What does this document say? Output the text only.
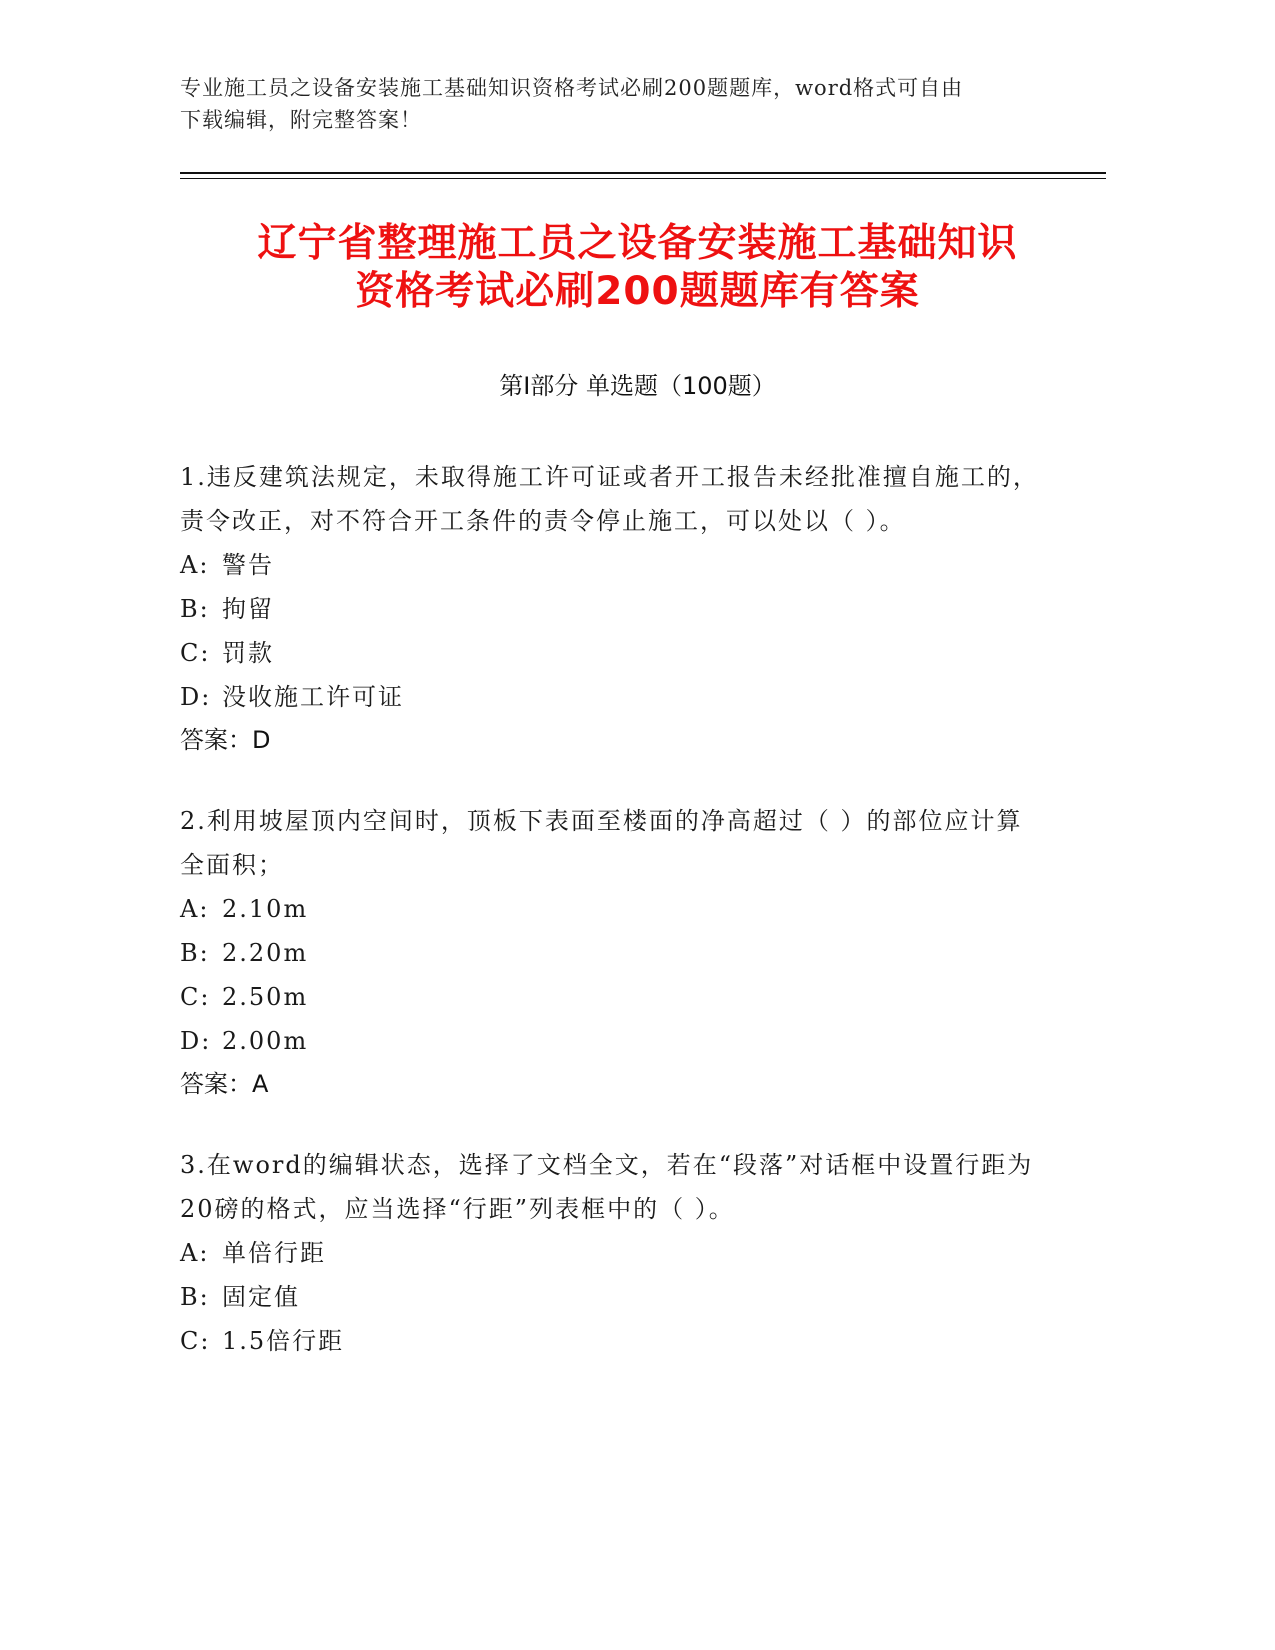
专业施工员之设备安装施工基础知识资格考试必刷200题题库，word格式可自由
下载编辑，附完整答案！
辽宁省整理施工员之设备安装施工基础知识
资格考试必刷200题题库有答案
第Ⅰ部分 单选题（100题）

1.违反建筑法规定，未取得施工许可证或者开工报告未经批准擅自施工的，责令改正，对不符合开工条件的责令停止施工，可以处以（ ）。

A: 警告
B: 拘留
C: 罚款
D: 没收施工许可证

答案：D

2.利用坡屋顶内空间时，顶板下表面至楼面的净高超过（ ）的部位应计算全面积；

A: 2.10m
B: 2.20m
C: 2.50m
D: 2.00m

答案：A

3.在word的编辑状态，选择了文档全文，若在“段落”对话框中设置行距为20磅的格式，应当选择“行距”列表框中的（ ）。

A: 单倍行距
B: 固定值
C: 1.5倍行距
